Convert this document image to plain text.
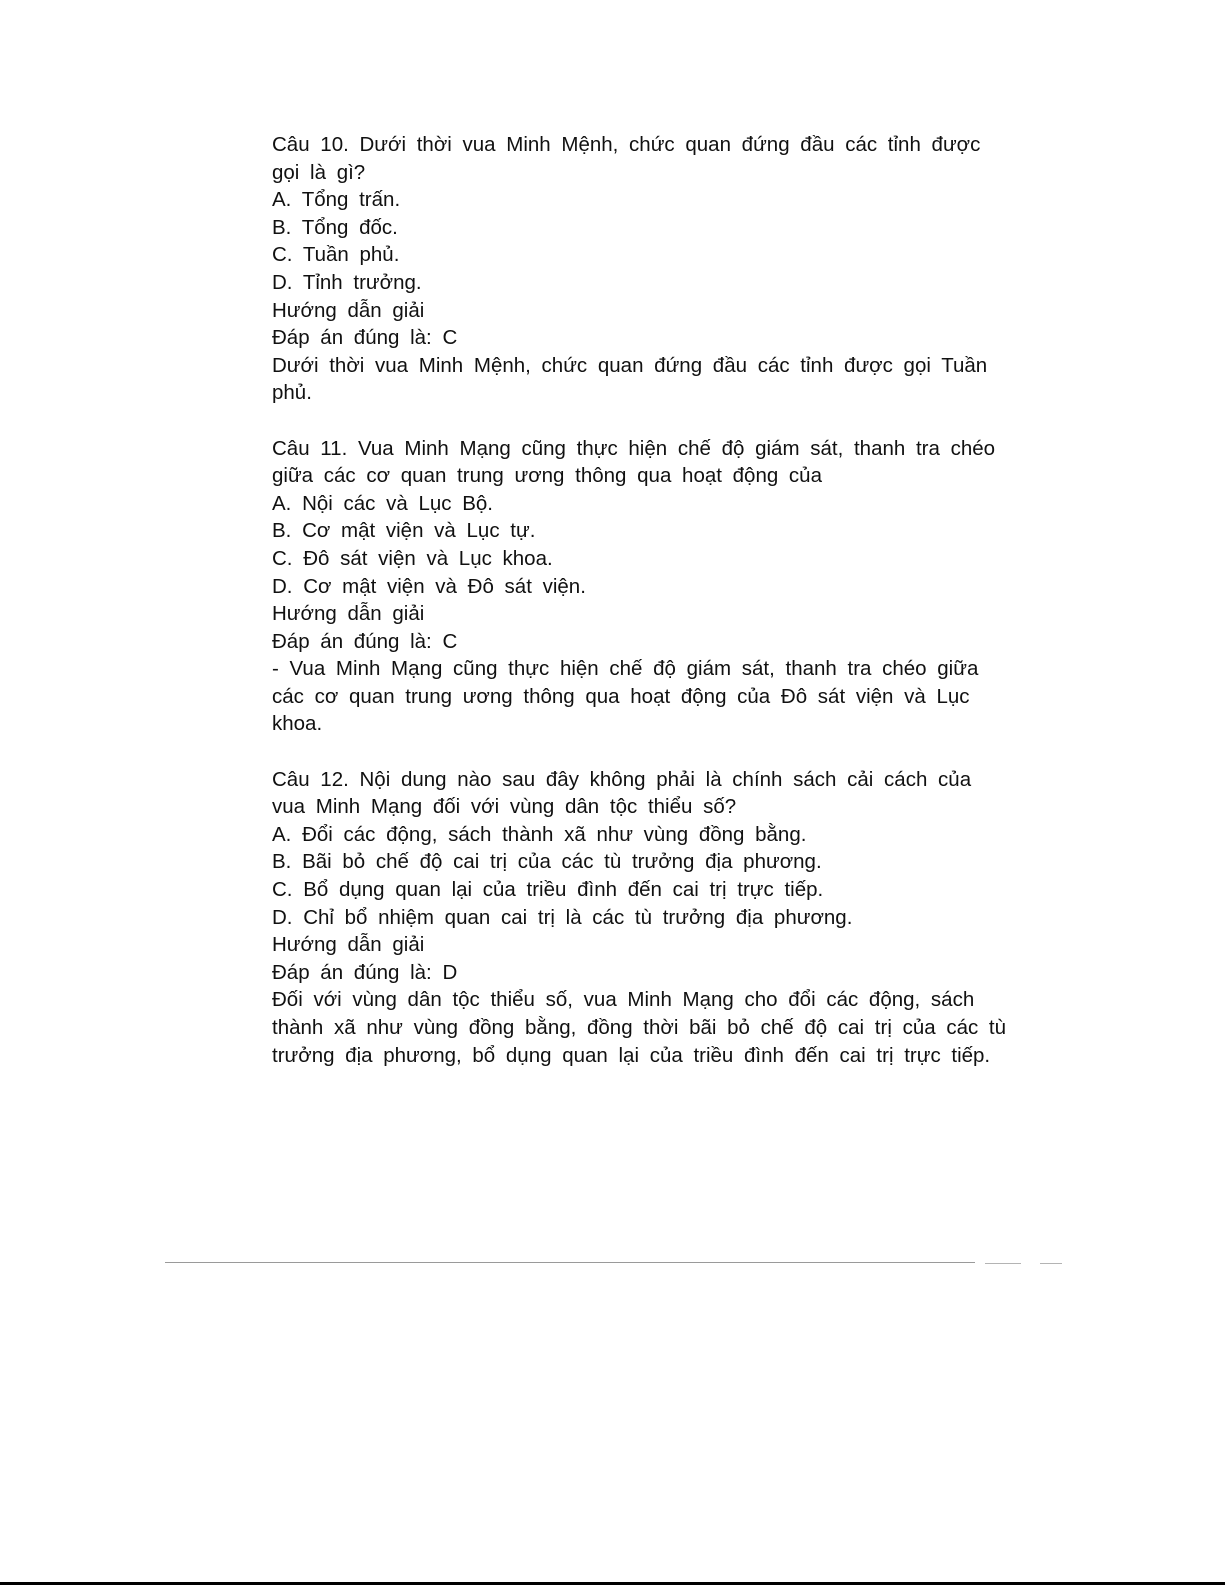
Câu 10. Dưới thời vua Minh Mệnh, chức quan đứng đầu các tỉnh được
gọi là gì?
A. Tổng trấn.
B. Tổng đốc.
C. Tuần phủ.
D. Tỉnh trưởng.
Hướng dẫn giải
Đáp án đúng là: C
Dưới thời vua Minh Mệnh, chức quan đứng đầu các tỉnh được gọi Tuần
phủ.
Câu 11. Vua Minh Mạng cũng thực hiện chế độ giám sát, thanh tra chéo
giữa các cơ quan trung ương thông qua hoạt động của
A. Nội các và Lục Bộ.
B. Cơ mật viện và Lục tự.
C. Đô sát viện và Lục khoa.
D. Cơ mật viện và Đô sát viện.
Hướng dẫn giải
Đáp án đúng là: C
- Vua Minh Mạng cũng thực hiện chế độ giám sát, thanh tra chéo giữa
các cơ quan trung ương thông qua hoạt động của Đô sát viện và Lục
khoa.
Câu 12. Nội dung nào sau đây không phải là chính sách cải cách của
vua Minh Mạng đối với vùng dân tộc thiểu số?
A. Đổi các động, sách thành xã như vùng đồng bằng.
B. Bãi bỏ chế độ cai trị của các tù trưởng địa phương.
C. Bổ dụng quan lại của triều đình đến cai trị trực tiếp.
D. Chỉ bổ nhiệm quan cai trị là các tù trưởng địa phương.
Hướng dẫn giải
Đáp án đúng là: D
Đối với vùng dân tộc thiểu số, vua Minh Mạng cho đổi các động, sách
thành xã như vùng đồng bằng, đồng thời bãi bỏ chế độ cai trị của các tù
trưởng địa phương, bổ dụng quan lại của triều đình đến cai trị trực tiếp.
